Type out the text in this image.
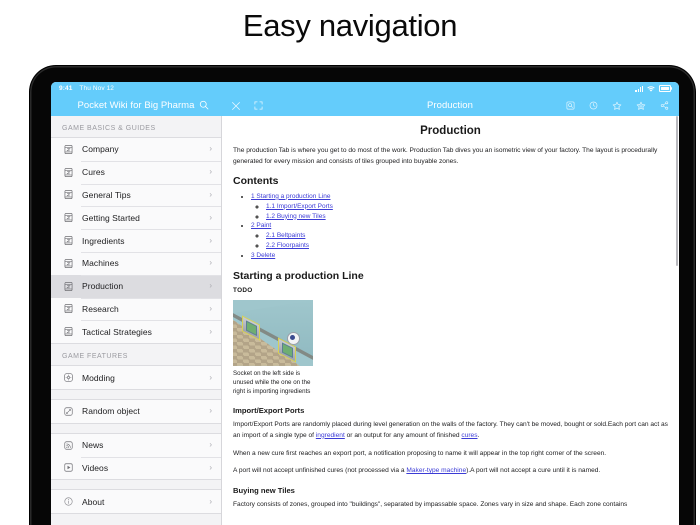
Easy navigation
9:41 Thu Nov 12
Pocket Wiki for Big Pharma	Production
GAME BASICS & GUIDES
Company	›
Cures	›
General Tips	›
Getting Started	›
Ingredients	›
Machines	›
Production	›
Research	›
Tactical Strategies	›
GAME FEATURES
Modding	›
Random object	›
News	›
Videos	›
About	›
Production

The production Tab is where you get to do most of the work. Production Tab dives you an isometric view of your factory. The layout is procedurally generated for every mission and consists of tiles grouped into buyable zones.

Contents
• 1 Starting a production Line
◦ 1.1 Import/Export Ports
◦ 1.2 Buying new Tiles
• 2 Paint
◦ 2.1 Beltpaints
◦ 2.2 Floorpaints
• 3 Delete
Starting a production Line
TODO
Socket on the left side is unused while the one on the right is importing ingredients
Import/Export Ports

Import/Export Ports are randomly placed during level generation on the walls of the factory. They can't be moved, bought or sold.Each port can act as an import of a single type of ingredient or an output for any amount of finished cures.

When a new cure first reaches an export port, a notification proposing to name it will appear in the top right corner of the screen.

A port will not accept unfinished cures (not processed via a Maker-type machine).A port will not accept a cure until it is named.

Buying new Tiles

Factory consists of zones, grouped into "buildings", separated by impassable space. Zones vary in size and shape. Each zone contains
